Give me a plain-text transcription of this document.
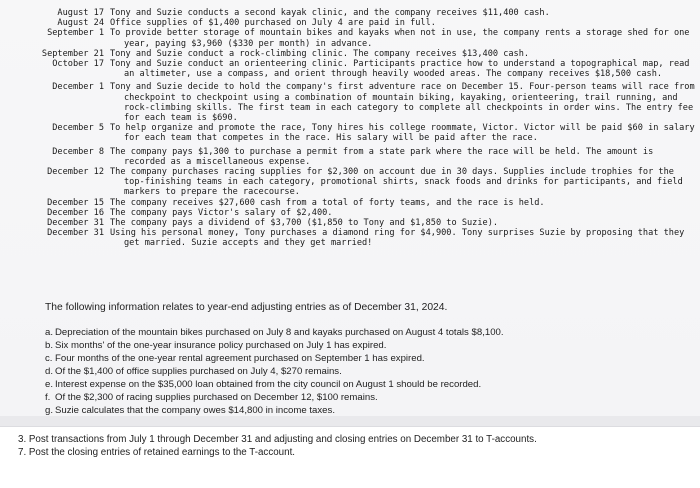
August 17 Tony and Suzie conducts a second kayak clinic, and the company receives $11,400 cash.
August 24 Office supplies of $1,400 purchased on July 4 are paid in full.
September 1 To provide better storage of mountain bikes and kayaks when not in use, the company rents a storage shed for one year, paying $3,960 ($330 per month) in advance.
September 21 Tony and Suzie conduct a rock-climbing clinic. The company receives $13,400 cash.
October 17 Tony and Suzie conduct an orienteering clinic. Participants practice how to understand a topographical map, read an altimeter, use a compass, and orient through heavily wooded areas. The company receives $18,500 cash.
December 1 Tony and Suzie decide to hold the company's first adventure race on December 15. Four-person teams will race from checkpoint to checkpoint using a combination of mountain biking, kayaking, orienteering, trail running, and rock-climbing skills. The first team in each category to complete all checkpoints in order wins. The entry fee for each team is $690.
December 5 To help organize and promote the race, Tony hires his college roommate, Victor. Victor will be paid $60 in salary for each team that competes in the race. His salary will be paid after the race.
December 8 The company pays $1,300 to purchase a permit from a state park where the race will be held. The amount is recorded as a miscellaneous expense.
December 12 The company purchases racing supplies for $2,300 on account due in 30 days. Supplies include trophies for the top-finishing teams in each category, promotional shirts, snack foods and drinks for participants, and field markers to prepare the racecourse.
December 15 The company receives $27,600 cash from a total of forty teams, and the race is held.
December 16 The company pays Victor's salary of $2,400.
December 31 The company pays a dividend of $3,700 ($1,850 to Tony and $1,850 to Suzie).
December 31 Using his personal money, Tony purchases a diamond ring for $4,900. Tony surprises Suzie by proposing that they get married. Suzie accepts and they get married!
The following information relates to year-end adjusting entries as of December 31, 2024.
a. Depreciation of the mountain bikes purchased on July 8 and kayaks purchased on August 4 totals $8,100.
b. Six months' of the one-year insurance policy purchased on July 1 has expired.
c. Four months of the one-year rental agreement purchased on September 1 has expired.
d. Of the $1,400 of office supplies purchased on July 4, $270 remains.
e. Interest expense on the $35,000 loan obtained from the city council on August 1 should be recorded.
f. Of the $2,300 of racing supplies purchased on December 12, $100 remains.
g. Suzie calculates that the company owes $14,800 in income taxes.
3. Post transactions from July 1 through December 31 and adjusting and closing entries on December 31 to T-accounts.
7. Post the closing entries of retained earnings to the T-account.
